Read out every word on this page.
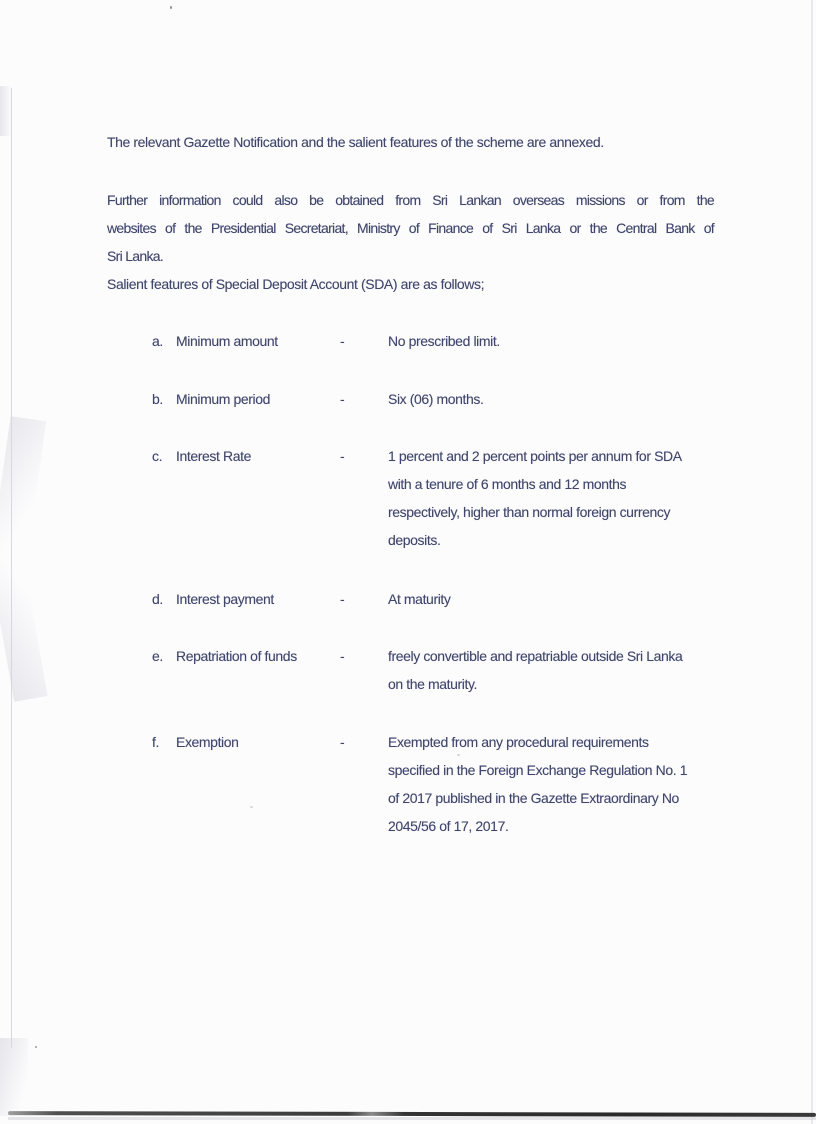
The relevant Gazette Notification and the salient features of the scheme are annexed.

Further information could also be obtained from Sri Lankan overseas missions or from the
websites of the Presidential Secretariat, Ministry of Finance of Sri Lanka or the Central Bank of
Sri Lanka.

Salient features of Special Deposit Account (SDA) are as follows;

a. Minimum amount	-	No prescribed limit.
b. Minimum period	-	Six (06) months.
c. Interest Rate	-	1 percent and 2 percent points per annum for SDA
with a tenure of 6 months and 12 months
respectively, higher than normal foreign currency
deposits.
d. Interest payment	-	At maturity
e. Repatriation of funds	-	freely convertible and repatriable outside Sri Lanka
on the maturity.
f.	Exemption	-	Exempted from any procedural requirements
specified in the Foreign Exchange Regulation No. 1
of 2017 published in the Gazette Extraordinary No
2045/56 of 17, 2017.
